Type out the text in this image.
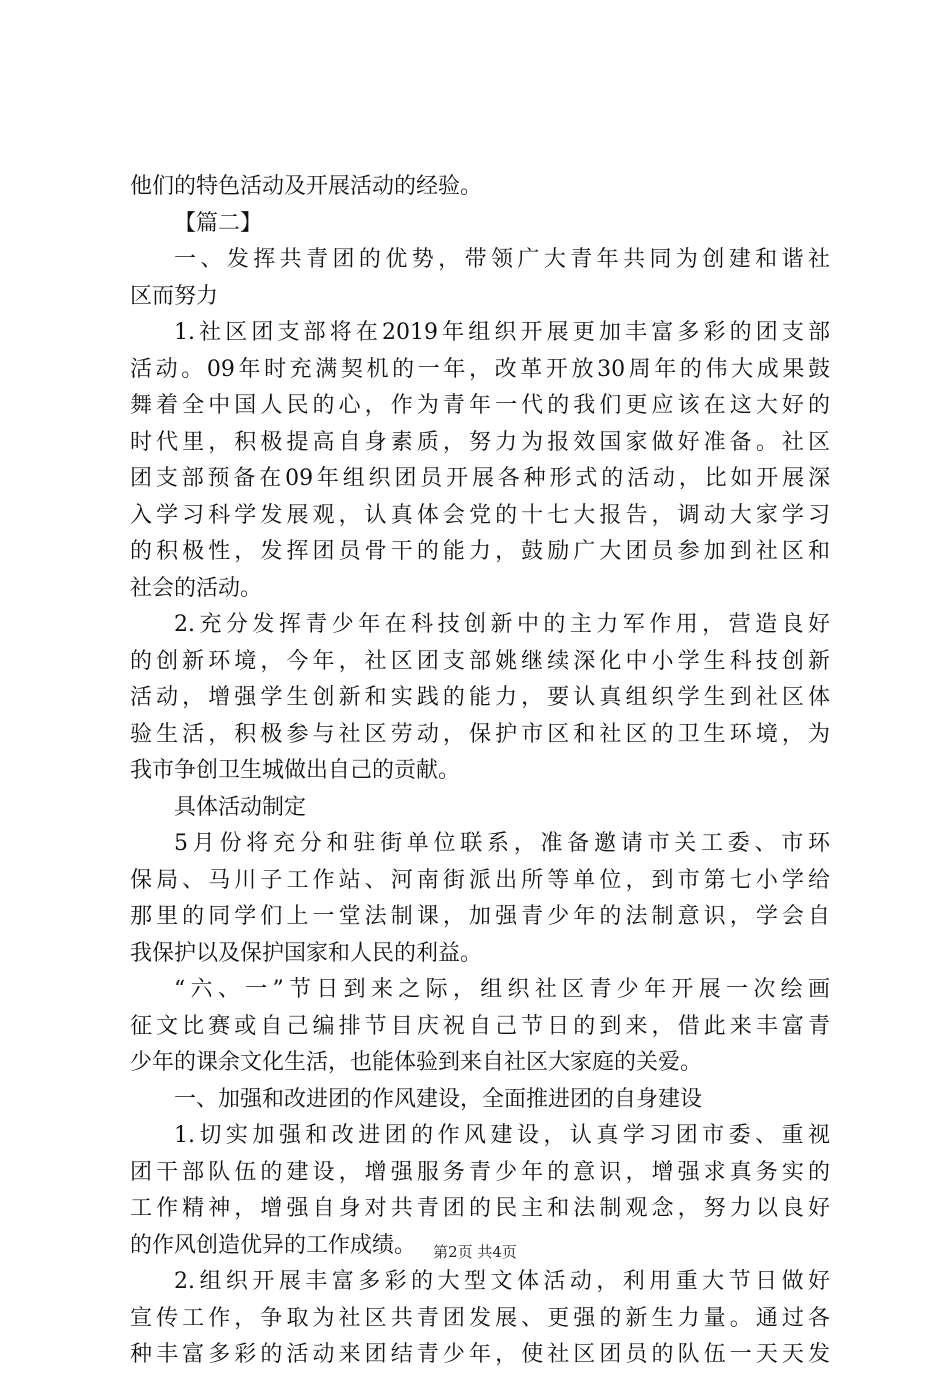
他们的特色活动及开展活动的经验。
【篇二】
一、发挥共青团的优势，带领广大青年共同为创建和谐社
区而努力
1.社区团支部将在2019年组织开展更加丰富多彩的团支部
活动。09年时充满契机的一年，改革开放30周年的伟大成果鼓
舞着全中国人民的心，作为青年一代的我们更应该在这大好的
时代里，积极提高自身素质，努力为报效国家做好准备。社区
团支部预备在09年组织团员开展各种形式的活动，比如开展深
入学习科学发展观，认真体会党的十七大报告，调动大家学习
的积极性，发挥团员骨干的能力，鼓励广大团员参加到社区和
社会的活动。
2.充分发挥青少年在科技创新中的主力军作用，营造良好
的创新环境，今年，社区团支部姚继续深化中小学生科技创新
活动，增强学生创新和实践的能力，要认真组织学生到社区体
验生活，积极参与社区劳动，保护市区和社区的卫生环境，为
我市争创卫生城做出自己的贡献。
具体活动制定
5月份将充分和驻街单位联系，准备邀请市关工委、市环
保局、马川子工作站、河南街派出所等单位，到市第七小学给
那里的同学们上一堂法制课，加强青少年的法制意识，学会自
我保护以及保护国家和人民的利益。
“六、一”节日到来之际，组织社区青少年开展一次绘画
征文比赛或自己编排节目庆祝自己节日的到来，借此来丰富青
少年的课余文化生活，也能体验到来自社区大家庭的关爱。
一、加强和改进团的作风建设，全面推进团的自身建设
1.切实加强和改进团的作风建设，认真学习团市委、重视
团干部队伍的建设，增强服务青少年的意识，增强求真务实的
工作精神，增强自身对共青团的民主和法制观念，努力以良好
的作风创造优异的工作成绩。
2.组织开展丰富多彩的大型文体活动，利用重大节日做好
宣传工作，争取为社区共青团发展、更强的新生力量。通过各
种丰富多彩的活动来团结青少年，使社区团员的队伍一天天发
第2页 共4页
